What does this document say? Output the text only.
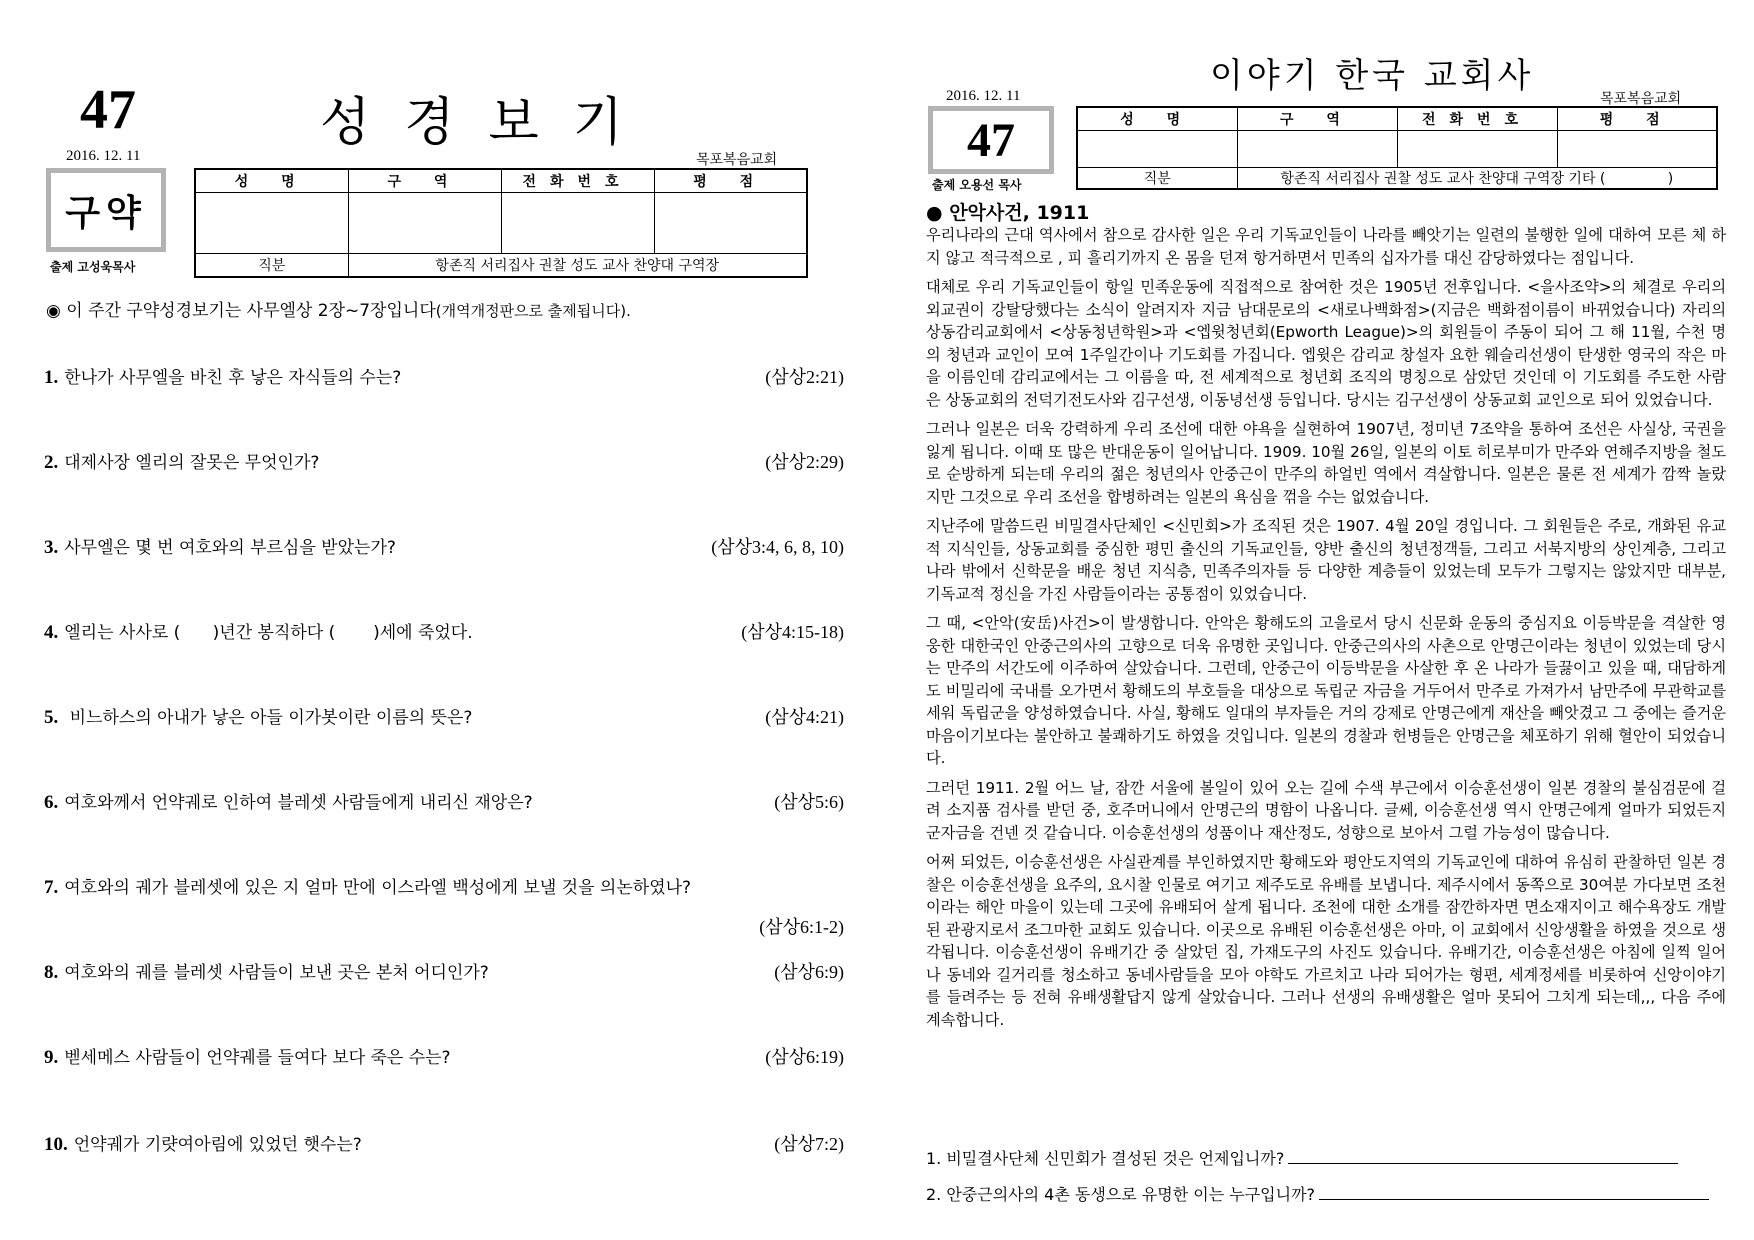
47	성경보기
2016. 12. 11	목포복음교회
구약
출제 고성욱목사
성 명	구 역	전화번호	평 점

직분	항존직 서리집사 권찰 성도 교사 찬양대 구역장		
◉ 이 주간 구약성경보기는 사무엘상 2장~7장입니다(개역개정판으로 출제됩니다).
1. 한나가 사무엘을 바친 후 낳은 자식들의 수는?	(삼상2:21)
2. 대제사장 엘리의 잘못은 무엇인가?	(삼상2:29)
3. 사무엘은 몇 번 여호와의 부르심을 받았는가?	(삼상3:4, 6, 8, 10)
4. 엘리는 사사로 (      )년간 봉직하다 (       )세에 죽었다.	(삼상4:15-18)
5. 비느하스의 아내가 낳은 아들 이가봇이란 이름의 뜻은?	(삼상4:21)
6. 여호와께서 언약궤로 인하여 블레셋 사람들에게 내리신 재앙은?	(삼상5:6)
7. 여호와의 궤가 블레셋에 있은 지 얼마 만에 이스라엘 백성에게 보낼 것을 의논하였나?
(삼상6:1-2)
8. 여호와의 궤를 블레셋 사람들이 보낸 곳은 본처 어디인가?	(삼상6:9)
9. 벧세메스 사람들이 언약궤를 들여다 보다 죽은 수는?	(삼상6:19)
10. 언약궤가 기럇여아림에 있었던 햇수는?	(삼상7:2)
이야기 한국 교회사
2016. 12. 11	목포복음교회
47
출제 오용선 목사
성 명	구 역	전화번호	평 점

직분	항존직 서리집사 권찰 성도 교사 찬양대 구역장 기타 (              )		
● 안악사건, 1911

우리나라의 근대 역사에서 참으로 감사한 일은 우리 기독교인들이 나라를 빼앗기는 일련의 불행한 일에 대하여 모른 체 하지 않고 적극적으로 , 피 흘리기까지 온 몸을 던져 항거하면서 민족의 십자가를 대신 감당하였다는 점입니다.

대체로 우리 기독교인들이 항일 민족운동에 직접적으로 참여한 것은 1905년 전후입니다. <을사조약>의 체결로 우리의 외교권이 강탈당했다는 소식이 알려지자 지금 남대문로의 <새로나백화점>(지금은 백화점이름이 바뀌었습니다) 자리의 상동감리교회에서 <상동청년학원>과 <엡윗청년회(Epworth League)>의 회원들이 주동이 되어 그 해 11월, 수천 명의 청년과 교인이 모여 1주일간이나 기도회를 가집니다. 엡윗은 감리교 창설자 요한 웨슬리선생이 탄생한 영국의 작은 마을 이름인데 감리교에서는 그 이름을 따, 전 세계적으로 청년회 조직의 명칭으로 삼았던 것인데 이 기도회를 주도한 사람은 상동교회의 전덕기전도사와 김구선생, 이동녕선생 등입니다. 당시는 김구선생이 상동교회 교인으로 되어 있었습니다.

그러나 일본은 더욱 강력하게 우리 조선에 대한 야욕을 실현하여 1907년, 정미년 7조약을 통하여 조선은 사실상, 국권을 잃게 됩니다. 이때 또 많은 반대운동이 일어납니다. 1909. 10월 26일, 일본의 이토 히로부미가 만주와 연해주지방을 철도로 순방하게 되는데 우리의 젊은 청년의사 안중근이 만주의 하얼빈 역에서 격살합니다. 일본은 물론 전 세계가 깜짝 놀랐지만 그것으로 우리 조선을 합병하려는 일본의 욕심을 꺾을 수는 없었습니다.

지난주에 말씀드린 비밀결사단체인 <신민회>가 조직된 것은 1907. 4월 20일 경입니다. 그 회원들은 주로, 개화된 유교적 지식인들, 상동교회를 중심한 평민 출신의 기독교인들, 양반 출신의 청년정객들, 그리고 서북지방의 상인계층, 그리고 나라 밖에서 신학문을 배운 청년 지식층, 민족주의자들 등 다양한 계층들이 있었는데 모두가 그렇지는 않았지만 대부분, 기독교적 정신을 가진 사람들이라는 공통점이 있었습니다.

그 때, <안악(安岳)사건>이 발생합니다. 안악은 황해도의 고을로서 당시 신문화 운동의 중심지요 이등박문을 격살한 영웅한 대한국인 안중근의사의 고향으로 더욱 유명한 곳입니다. 안중근의사의 사촌으로 안명근이라는 청년이 있었는데 당시는 만주의 서간도에 이주하여 살았습니다. 그런데, 안중근이 이등박문을 사살한 후 온 나라가 들끓이고 있을 때, 대담하게도 비밀리에 국내를 오가면서 황해도의 부호들을 대상으로 독립군 자금을 거두어서 만주로 가져가서 남만주에 무관학교를 세워 독립군을 양성하였습니다. 사실, 황해도 일대의 부자들은 거의 강제로 안명근에게 재산을 빼앗겼고 그 중에는 즐거운 마음이기보다는 불안하고 불쾌하기도 하였을 것입니다. 일본의 경찰과 헌병들은 안명근을 체포하기 위해 혈안이 되었습니다.

그러던 1911. 2월 어느 날, 잠깐 서울에 볼일이 있어 오는 길에 수색 부근에서 이승훈선생이 일본 경찰의 불심검문에 걸려 소지품 검사를 받던 중, 호주머니에서 안명근의 명함이 나옵니다. 글쎄, 이승훈선생 역시 안명근에게 얼마가 되었든지 군자금을 건넨 것 같습니다. 이승훈선생의 성품이나 재산정도, 성향으로 보아서 그럴 가능성이 많습니다.

어쩌 되었든, 이승훈선생은 사실관계를 부인하였지만 황해도와 평안도지역의 기독교인에 대하여 유심히 관찰하던 일본 경찰은 이승훈선생을 요주의, 요시찰 인물로 여기고 제주도로 유배를 보냅니다. 제주시에서 동쪽으로 30여분 가다보면 조천이라는 해안 마을이 있는데 그곳에 유배되어 살게 됩니다. 조천에 대한 소개를 잠깐하자면 면소재지이고 해수욕장도 개발된 관광지로서 조그마한 교회도 있습니다. 이곳으로 유배된 이승훈선생은 아마, 이 교회에서 신앙생활을 하였을 것으로 생각됩니다. 이승훈선생이 유배기간 중 살았던 집, 가재도구의 사진도 있습니다. 유배기간, 이승훈선생은 아침에 일찍 일어나 동네와 길거리를 청소하고 동네사람들을 모아 야학도 가르치고 나라 되어가는 형편, 세계정세를 비롯하여 신앙이야기를 들려주는 등 전혀 유배생활답지 않게 살았습니다. 그러나 선생의 유배생활은 얼마 못되어 그치게 되는데,,, 다음 주에 계속합니다.

1. 비밀결사단체 신민회가 결성된 것은 언제입니까?
2. 안중근의사의 4촌 동생으로 유명한 이는 누구입니까?
